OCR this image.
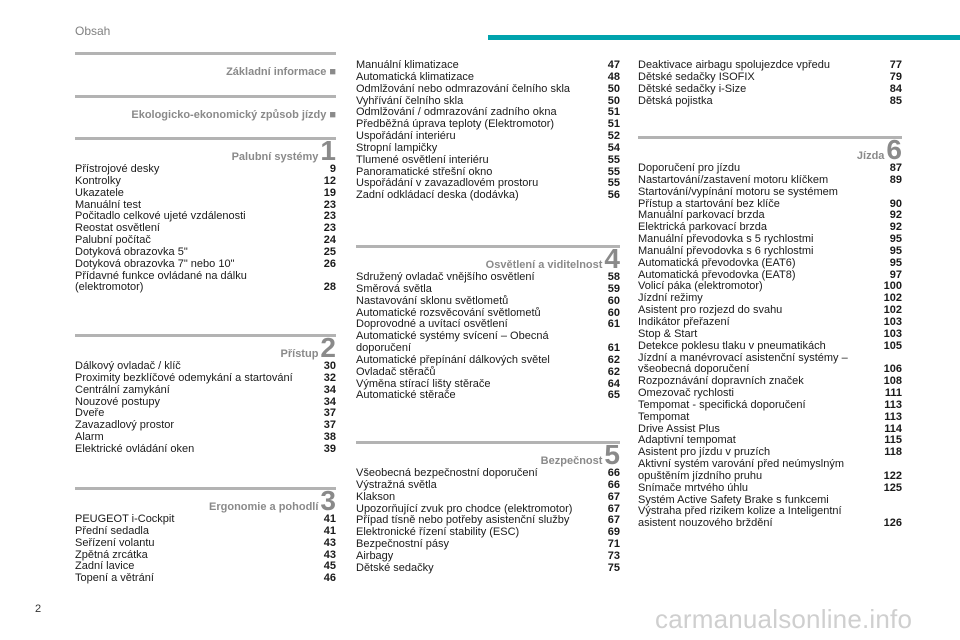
Obsah
Základní informace ■
Ekologicko-ekonomický způsob jízdy ■
Palubní systémy 1
Přístrojové desky	9
Kontrolky	12
Ukazatele	19
Manuální test	23
Počitadlo celkové ujeté vzdálenosti	23
Reostat osvětlení	23
Palubní počítač	24
Dotyková obrazovka 5"	25
Dotyková obrazovka 7" nebo 10"	26
Přídavné funkce ovládané na dálku
(elektromotor)	28
Přístup 2
Dálkový ovladač / klíč	30
Proximity bezklíčové odemykání a startování	32
Centrální zamykání	34
Nouzové postupy	34
Dveře	37
Zavazadlový prostor	37
Alarm	38
Elektrické ovládání oken	39
Ergonomie a pohodlí 3
PEUGEOT i-Cockpit	41
Přední sedadla	41
Seřízení volantu	43
Zpětná zrcátka	43
Zadní lavice	45
Topení a větrání	46
Manuální klimatizace	47
Automatická klimatizace	48
Odmlžování nebo odmrazování čelního skla	50
Vyhřívání čelního skla	50
Odmlžování / odmrazování zadního okna	51
Předběžná úprava teploty (Elektromotor)	51
Uspořádání interiéru	52
Stropní lampičky	54
Tlumené osvětlení interiéru	55
Panoramatické střešní okno	55
Uspořádání v zavazadlovém prostoru	55
Zadní odkládací deska (dodávka)	56
Osvětlení a viditelnost 4
Sdružený ovladač vnějšího osvětlení	58
Směrová světla	59
Nastavování sklonu světlometů	60
Automatické rozsvěcování světlometů	60
Doprovodné a uvítací osvětlení	61
Automatické systémy svícení – Obecná
doporučení	61
Automatické přepínání dálkových světel	62
Ovladač stěračů	62
Výměna stírací lišty stěrače	64
Automatické stěrače	65
Bezpečnost 5
Všeobecná bezpečnostní doporučení	66
Výstražná světla	66
Klakson	67
Upozorňující zvuk pro chodce (elektromotor)	67
Případ tísně nebo potřeby asistenční služby	67
Elektronické řízení stability (ESC)	69
Bezpečnostní pásy	71
Airbagy	73
Dětské sedačky	75
Deaktivace airbagu spolujezdce vpředu	77
Dětské sedačky ISOFIX	79
Dětské sedačky i-Size	84
Dětská pojistka	85
Jízda 6
Doporučení pro jízdu	87
Nastartování/zastavení motoru klíčkem	89
Startování/vypínání motoru se systémem
Přístup a startování bez klíče	90
Manuální parkovací brzda	92
Elektrická parkovací brzda	92
Manuální převodovka s 5 rychlostmi	95
Manuální převodovka s 6 rychlostmi	95
Automatická převodovka (EAT6)	95
Automatická převodovka (EAT8)	97
Volicí páka (elektromotor)	100
Jízdní režimy	102
Asistent pro rozjezd do svahu	102
Indikátor přeřazení	103
Stop & Start	103
Detekce poklesu tlaku v pneumatikách	105
Jízdní a manévrovací asistenční systémy –
všeobecná doporučení	106
Rozpoznávání dopravních značek	108
Omezovač rychlosti	111
Tempomat - specifická doporučení	113
Tempomat	113
Drive Assist Plus	114
Adaptivní tempomat	115
Asistent pro jízdu v pruzích	118
Aktivní systém varování před neúmyslným
opuštěním jízdního pruhu	122
Snímače mrtvého úhlu	125
Systém Active Safety Brake s funkcemi
Výstraha před rizikem kolize a Inteligentní
asistent nouzového brždění	126
2	carmanualsonline.info
